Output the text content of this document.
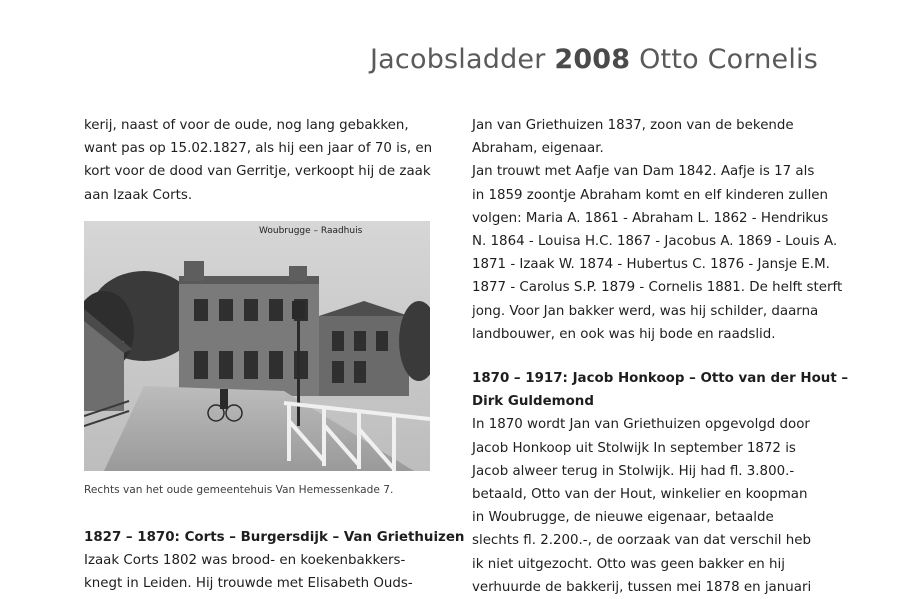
Jacobsladder 2008 Otto Cornelis

kerij, naast of voor de oude, nog lang gebakken,

want pas op 15.02.1827, als hij een jaar of 70 is, en

kort voor de dood van Gerritje, verkoopt hij de zaak

aan Izaak Corts.

Woubrugge – Raadhuis
Rechts van het oude gemeentehuis Van Hemessenkade 7.

1827 – 1870: Corts – Burgersdijk – Van Griethuizen

Izaak Corts 1802 was brood- en koekenbakkers-

knegt in Leiden. Hij trouwde met Elisabeth Ouds-

Jan van Griethuizen 1837, zoon van de bekende

Abraham, eigenaar.

Jan trouwt met Aafje van Dam 1842. Aafje is 17 als

in 1859 zoontje Abraham komt en elf kinderen zullen

volgen: Maria A. 1861 - Abraham L. 1862 - Hendrikus

N. 1864 - Louisa H.C. 1867 - Jacobus A. 1869 - Louis A.

1871 - Izaak W. 1874 - Hubertus C. 1876 - Jansje E.M.

1877 - Carolus S.P. 1879 - Cornelis 1881. De helft sterft

jong. Voor Jan bakker werd, was hij schilder, daarna

landbouwer, en ook was hij bode en raadslid.

1870 – 1917: Jacob Honkoop – Otto van der Hout –

Dirk Guldemond

In 1870 wordt Jan van Griethuizen opgevolgd door

Jacob Honkoop uit Stolwijk In september 1872 is

Jacob alweer terug in Stolwijk. Hij had fl. 3.800.-

betaald, Otto van der Hout, winkelier en koopman

in Woubrugge, de nieuwe eigenaar, betaalde

slechts fl. 2.200.-, de oorzaak van dat verschil heb

ik niet uitgezocht. Otto was geen bakker en hij

verhuurde de bakkerij, tussen mei 1878 en januari
